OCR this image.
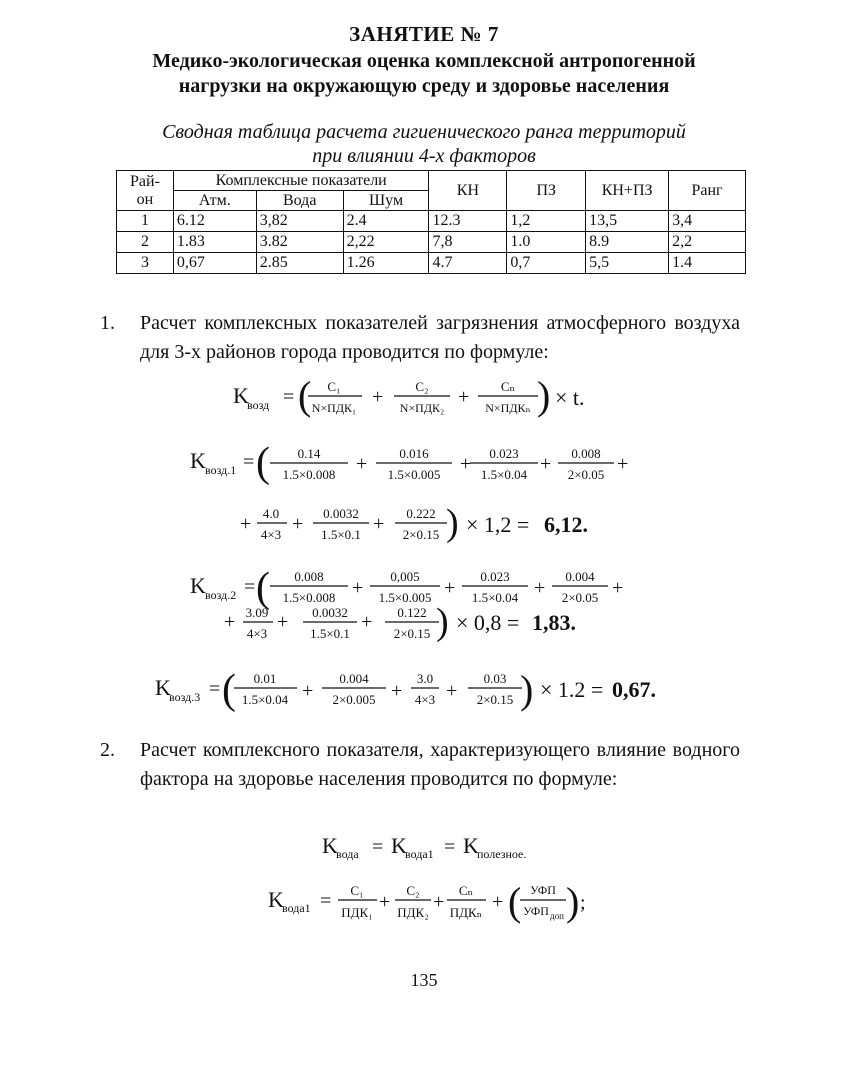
ЗАНЯТИЕ № 7
Медико-экологическая оценка комплексной антропогенной
нагрузки на окружающую среду и здоровье населения
Сводная таблица расчета гигиенического ранга территорий
при влиянии 4-х факторов
Рай-
он	Комплексные показатели			КН	ПЗ	КН+ПЗ	Ранг
	Атм.	Вода	Шум				
1	6.12	3,82	2.4	12.3	1,2	13,5	3,4
2	1.83	3.82	2,22	7,8	1.0	8.9	2,2
3	0,67	2.85	1.26	4.7	0,7	5,5	1.4
1. Расчет комплексных показателей загрязнения атмосферного воздуха для 3-х районов города проводится по формуле:
K
возд = ( C₁
N×ПДК₁ + C₂
N×ПДК₂ + Cₙ
N×ПДКₙ ) × t.
K возд.1 = ( 0.14
1.5×0.008 + 0.016
1.5×0.005 + 0.023
1.5×0.04 + 0.008
2×0.05 +
+ 4.0
4×3 + 0.0032
1.5×0.1 + 0.222
2×0.15 ) × 1,2 = 6,12.
K возд.2 = ( 0.008
1.5×0.008 +
0,005
1.5×0.005 +
0.023
1.5×0.04 +
0.004
2×0.05 +
+ 3.09
4×3
+ 0.0032
1.5×0.1
+ 0.122
2×0.15 ) × 0,8 = 1,83.
K
возд.3 = ( 0.01
1.5×0.04 +
0.004
2×0.005 +
3.0
4×3 +
0.03
2×0.15 ) × 1.2 = 0,67.
K
вода = K
вода1 = K
полезное.
K
вода1 = C₁
ПДК₁ +
C₂
ПДК₂ +
Cₙ
ПДКₙ + ( УФП
УФП доп ) ;
2. Расчет комплексного показателя, характеризующего влияние водного фактора на здоровье населения проводится по формуле:
135
